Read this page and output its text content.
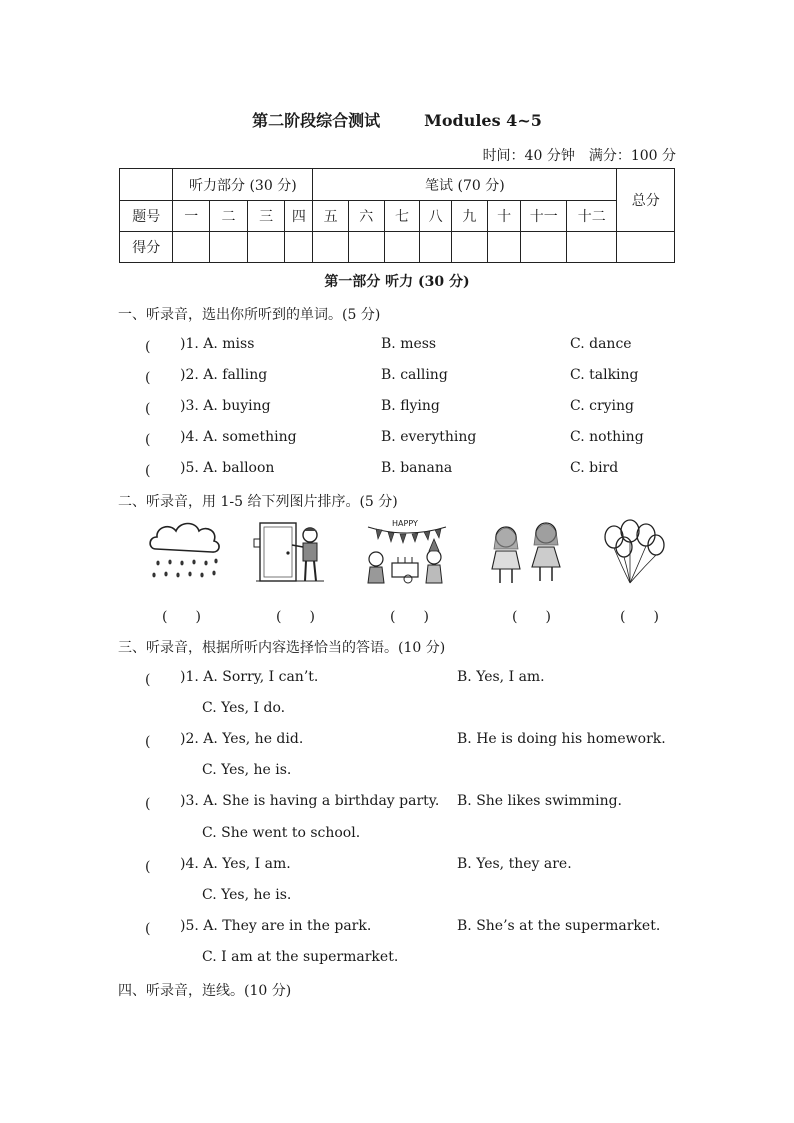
第二阶段综合测试	Modules 4~5
时间：40 分钟　满分：100 分
	听力部分 (30 分)				笔试 (70 分)								总分
题号	一	二	三	四	五	六	七	八	九	十	十一	十二	
得分													
第一部分 听力 (30 分)
一、听录音，选出你所听到的单词。(5 分)
(　  )1. A. miss	B. mess	C. dance
(　  )2. A. falling	B. calling	C. talking
(　  )3. A. buying	B. flying	C. crying
(　  )4. A. something	B. everything	C. nothing
(　  )5. A. balloon	B. banana	C. bird
二、听录音，用 1-5 给下列图片排序。(5 分)
HAPPY
(　　)	(　　)	(　　)	(　　)	(　　)
三、听录音，根据所听内容选择恰当的答语。(10 分)
(　  )1. A. Sorry, I can’t.	B. Yes, I am.
C. Yes, I do.
(　  )2. A. Yes, he did.	B. He is doing his homework.
C. Yes, he is.
(　  )3. A. She is having a birthday party. B. She likes swimming.
C. She went to school.
(　  )4. A. Yes, I am.	B. Yes, they are.
C. Yes, he is.
(　  )5. A. They are in the park.	B. She’s at the supermarket.
C. I am at the supermarket.
四、听录音，连线。(10 分)
